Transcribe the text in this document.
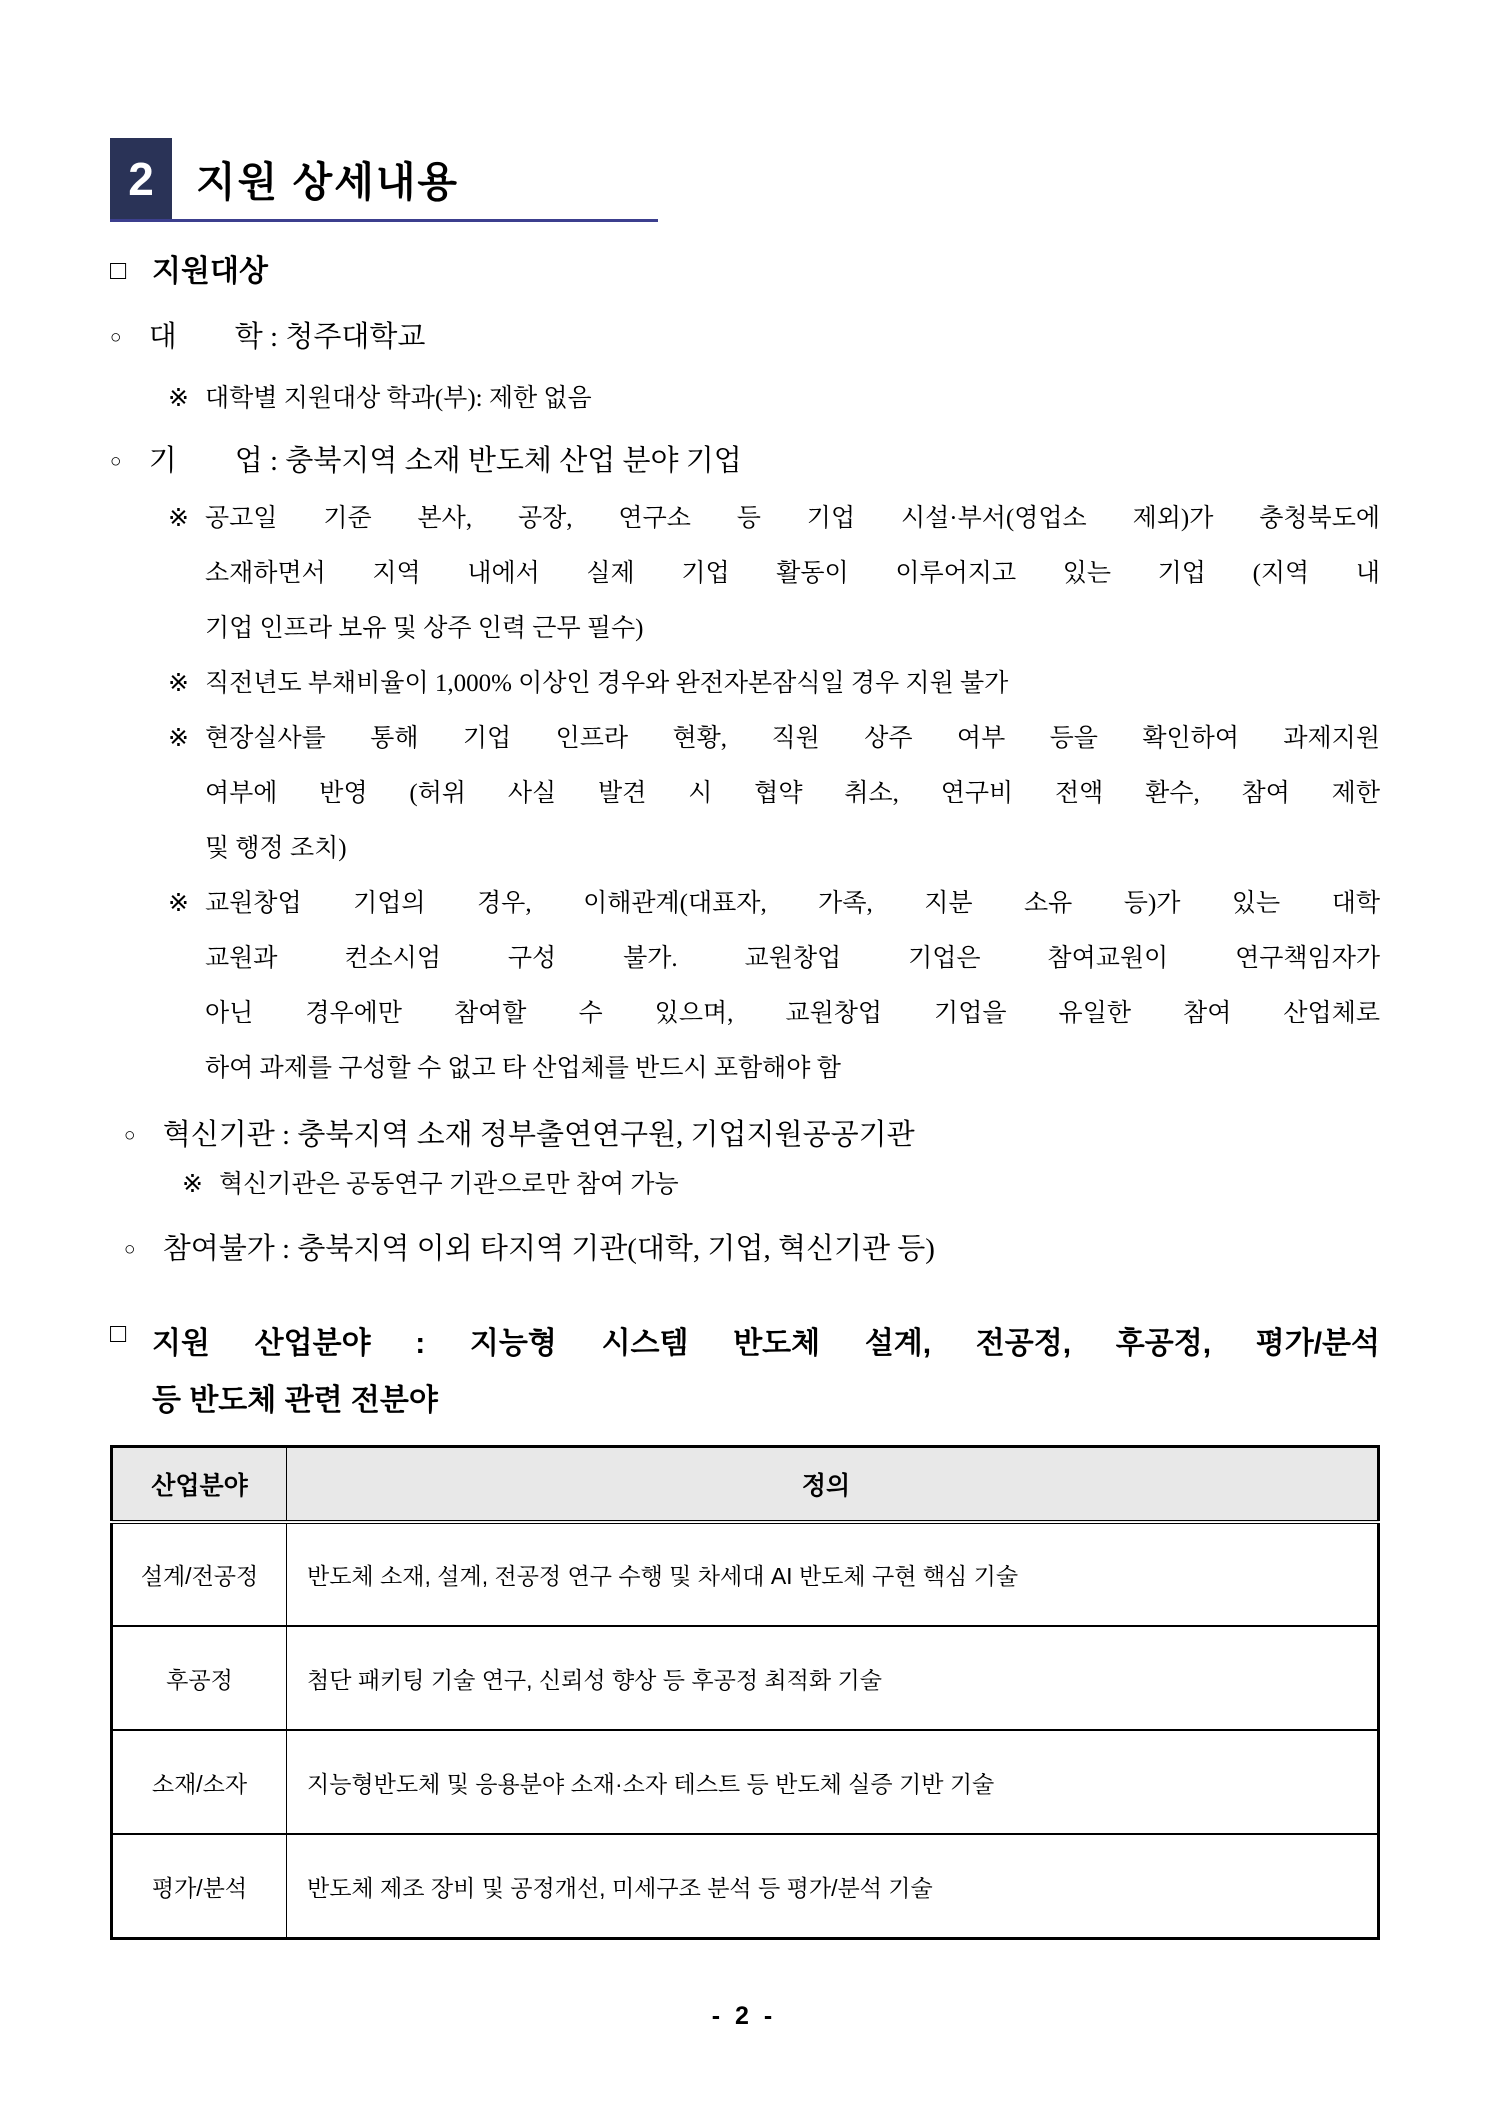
2	지원 상세내용
□ 지원대상
○ 대　　학 : 청주대학교
※ 대학별 지원대상 학과(부): 제한 없음
○ 기　　업 : 충북지역 소재 반도체 산업 분야 기업
※ 공고일 기준 본사, 공장, 연구소 등 기업 시설·부서(영업소 제외)가 충청북도에
소재하면서 지역 내에서 실제 기업 활동이 이루어지고 있는 기업 (지역 내
기업 인프라 보유 및 상주 인력 근무 필수)
※ 직전년도 부채비율이 1,000% 이상인 경우와 완전자본잠식일 경우 지원 불가
※ 현장실사를 통해 기업 인프라 현황, 직원 상주 여부 등을 확인하여 과제지원
여부에 반영 (허위 사실 발견 시 협약 취소, 연구비 전액 환수, 참여 제한
및 행정 조치)
※ 교원창업 기업의 경우, 이해관계(대표자, 가족, 지분 소유 등)가 있는 대학
교원과 컨소시엄 구성 불가. 교원창업 기업은 참여교원이 연구책임자가
아닌 경우에만 참여할 수 있으며, 교원창업 기업을 유일한 참여 산업체로
하여 과제를 구성할 수 없고 타 산업체를 반드시 포함해야 함
○ 혁신기관 : 충북지역 소재 정부출연연구원, 기업지원공공기관
※ 혁신기관은 공동연구 기관으로만 참여 가능
○ 참여불가 : 충북지역 이외 타지역 기관(대학, 기업, 혁신기관 등)
□ 지원 산업분야 : 지능형 시스템 반도체 설계, 전공정, 후공정, 평가/분석
등 반도체 관련 전분야
산업분야	정의
설계/전공정	반도체 소재, 설계, 전공정 연구 수행 및 차세대 AI 반도체 구현 핵심 기술
후공정	첨단 패키팅 기술 연구, 신뢰성 향상 등 후공정 최적화 기술
소재/소자	지능형반도체 및 응용분야 소재·소자 테스트 등 반도체 실증 기반 기술
평가/분석	반도체 제조 장비 및 공정개선, 미세구조 분석 등 평가/분석 기술
- 2 -
